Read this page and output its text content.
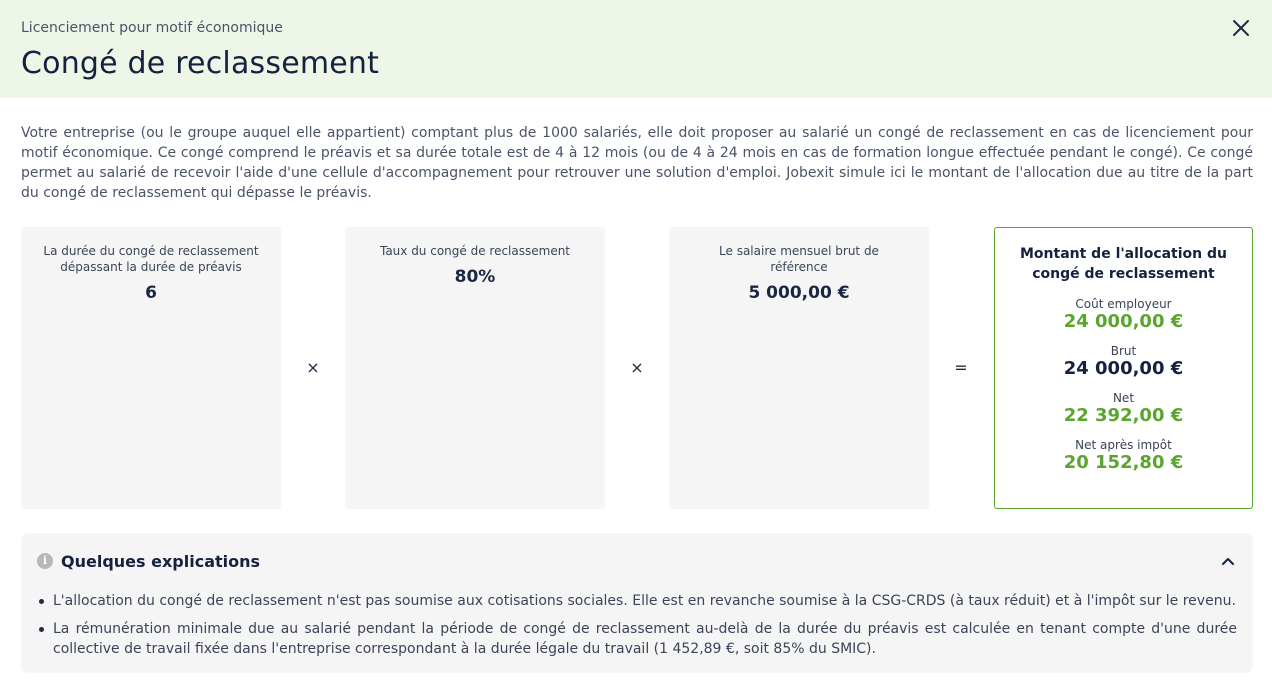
Licenciement pour motif économique
Congé de reclassement
Votre entreprise (ou le groupe auquel elle appartient) comptant plus de 1000 salariés, elle doit proposer au salarié un congé de reclassement en cas de licenciement pour motif économique. Ce congé comprend le préavis et sa durée totale est de 4 à 12 mois (ou de 4 à 24 mois en cas de formation longue effectuée pendant le congé). Ce congé permet au salarié de recevoir l'aide d'une cellule d'accompagnement pour retrouver une solution d'emploi. Jobexit simule ici le montant de l'allocation due au titre de la part du congé de reclassement qui dépasse le préavis.
La durée du congé de reclassement dépassant la durée de préavis
6
×
Taux du congé de reclassement
80%
×
Le salaire mensuel brut de référence
5 000,00 €
=
Montant de l'allocation du congé de reclassement
Coût employeur
24 000,00 €
Brut
24 000,00 €
Net
22 392,00 €
Net après impôt
20 152,80 €
i Quelques explications
L'allocation du congé de reclassement n'est pas soumise aux cotisations sociales. Elle est en revanche soumise à la CSG-CRDS (à taux réduit) et à l'impôt sur le revenu.
La rémunération minimale due au salarié pendant la période de congé de reclassement au-delà de la durée du préavis est calculée en tenant compte d'une durée collective de travail fixée dans l'entreprise correspondant à la durée légale du travail (1 452,89 €, soit 85% du SMIC).
